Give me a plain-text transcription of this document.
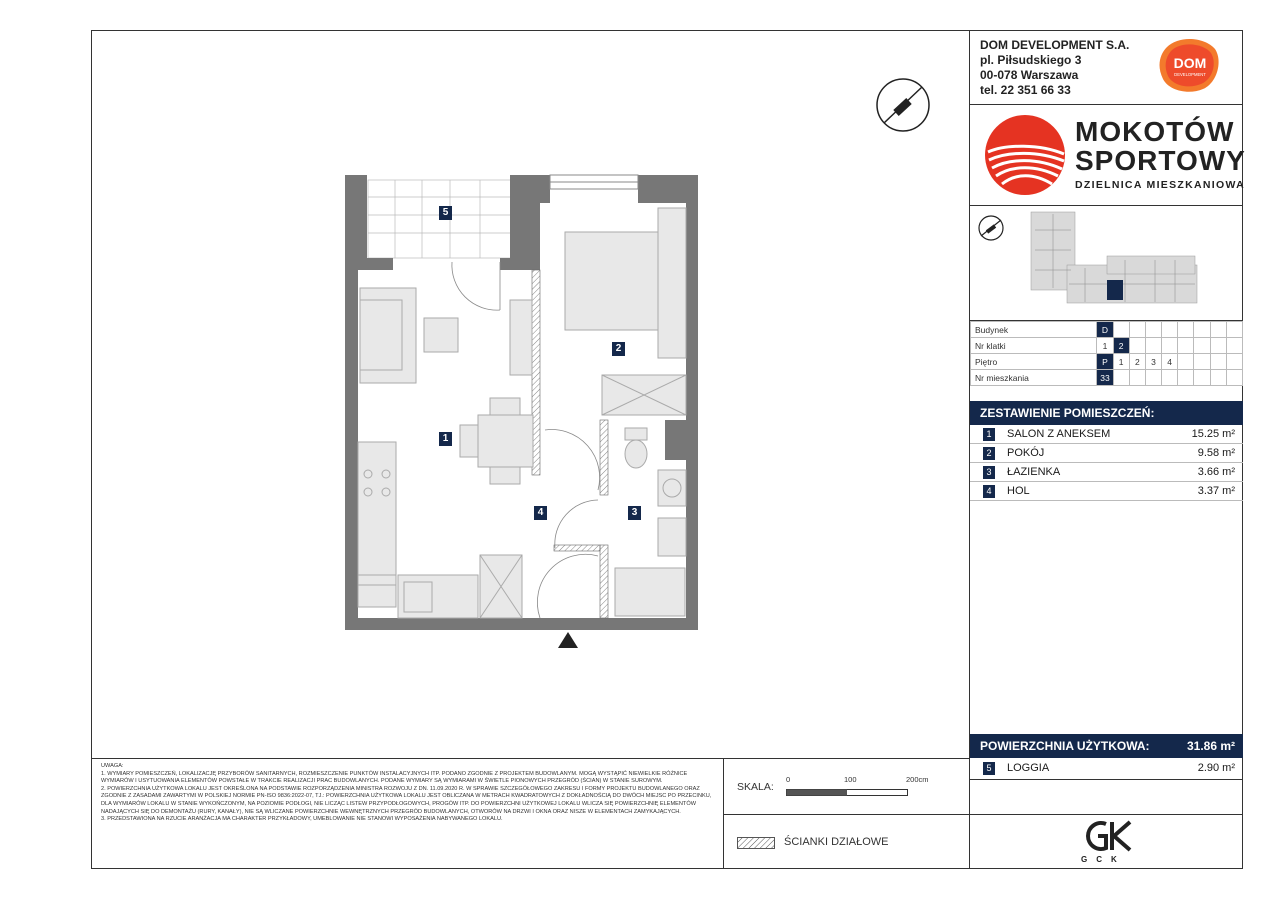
DOM DEVELOPMENT S.A.
pl. Piłsudskiego 3
00-078 Warszawa
tel. 22 351 66 33
DOM
DEVELOPMENT
MOKOTÓW
SPORTOWY
DZIELNICA MIESZKANIOWA
Budynek	D								
Nr klatki	1	2							
Piętro	P	1	2	3	4				
Nr mieszkania	33								
ZESTAWIENIE POMIESZCZEŃ:
1	SALON Z ANEKSEM	15.25 m²
2	POKÓJ	9.58 m²
3	ŁAZIENKA	3.66 m²
4	HOL	3.37 m²
POWIERZCHNIA UŻYTKOWA:	31.86 m²
5	LOGGIA	2.90 m²
GCK

UWAGA:

1. WYMIARY POMIESZCZEŃ, LOKALIZACJĘ PRZYBORÓW SANITARNYCH, ROZMIESZCZENIE PUNKTÓW INSTALACYJNYCH ITP. PODANO ZGODNIE Z PROJEKTEM BUDOWLANYM. MOGĄ WYSTĄPIĆ NIEWIELKIE RÓŻNICE WYMIARÓW I USYTUOWANIA ELEMENTÓW POWSTAŁE W TRAKCIE REALIZACJI PRAC BUDOWLANYCH. PODANE WYMIARY SĄ WYMIARAMI W ŚWIETLE PIONOWYCH PRZEGRÓD (ŚCIAN) W STANIE SUROWYM.

2. POWIERZCHNIA UŻYTKOWA LOKALU JEST OKREŚLONA NA PODSTAWIE ROZPORZĄDZENIA MINISTRA ROZWOJU Z DN. 11.09.2020 R. W SPRAWIE SZCZEGÓŁOWEGO ZAKRESU I FORMY PROJEKTU BUDOWLANEGO ORAZ ZGODNIE Z ZASADAMI ZAWARTYMI W POLSKIEJ NORMIE PN-ISO 9836:2022-07, TJ.: POWIERZCHNIA UŻYTKOWA LOKALU JEST OBLICZANA W METRACH KWADRATOWYCH Z DOKŁADNOŚCIĄ DO DWÓCH MIEJSC PO PRZECINKU, DLA WYMIARÓW LOKALU W STANIE WYKOŃCZONYM, NA POZIOMIE PODŁOGI, NIE LICZĄC LISTEW PRZYPODŁOGOWYCH, PROGÓW ITP. DO POWIERZCHNI UŻYTKOWEJ LOKALU WLICZA SIĘ POWIERZCHNIĘ ELEMENTÓW NADAJĄCYCH SIĘ DO DEMONTAŻU (RURY, KANAŁY), NIE SĄ WLICZANE POWIERZCHNIE WEWNĘTRZNYCH PRZEGRÓD BUDOWLANYCH, OTWORÓW NA DRZWI I OKNA ORAZ NISZE W ELEMENTACH ZAMYKAJĄCYCH.

3. PRZEDSTAWIONA NA RZUCIE ARANŻACJA MA CHARAKTER PRZYKŁADOWY, UMEBLOWANIE NIE STANOWI WYPOSAŻENIA NABYWANEGO LOKALU.

SKALA:
0	100	200cm
ŚCIANKI DZIAŁOWE
1
2
3
4
5
